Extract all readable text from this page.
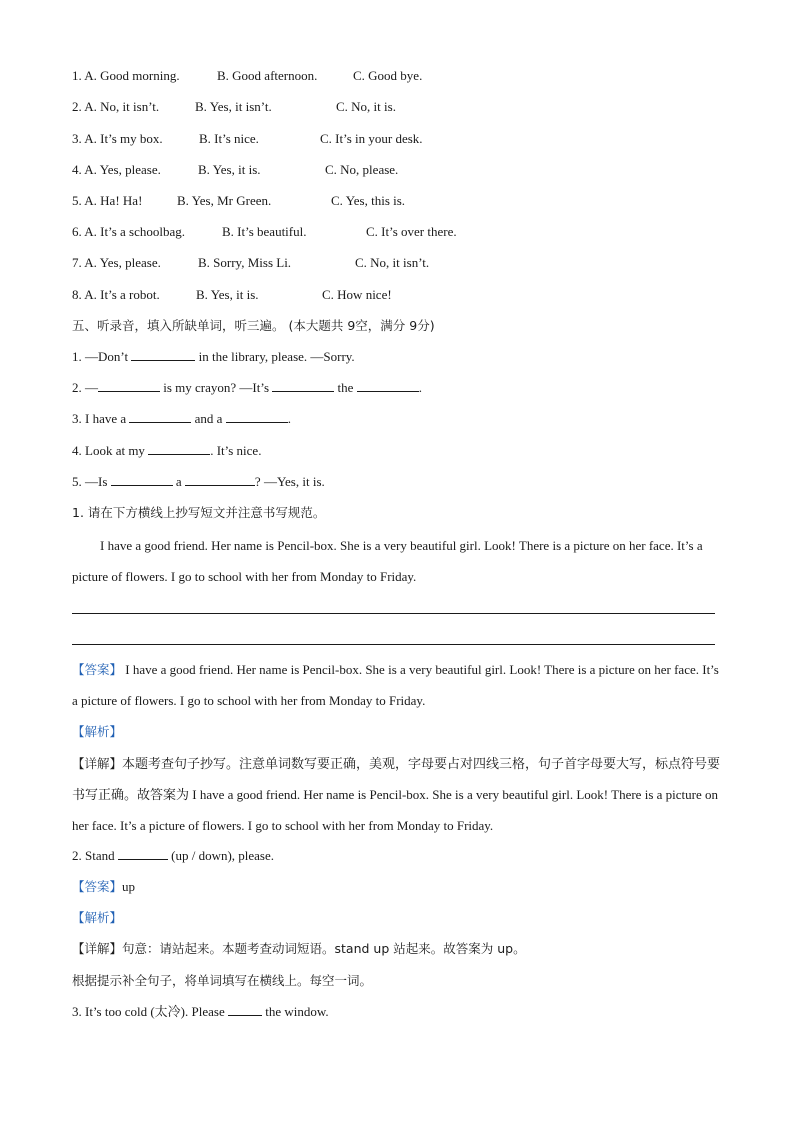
1. A. Good morning.	B. Good afternoon.	C. Good bye.
2. A. No, it isn’t.	B. Yes, it isn’t.	C. No, it is.
3. A. It’s my box.	B. It’s nice.	C. It’s in your desk.
4. A. Yes, please.	B. Yes, it is.	C. No, please.
5. A. Ha! Ha!	B. Yes, Mr Green.	C. Yes, this is.
6. A. It’s a schoolbag.	B. It’s beautiful.	C. It’s over there.
7. A. Yes, please.	B. Sorry, Miss Li.	C. No, it isn’t.
8. A. It’s a robot.	B. Yes, it is.	C. How nice!
五、听录音，填入所缺单词，听三遍。 (本大题共 9空，满分 9分)
1. —Don’t	in the library, please. —Sorry.
2. —	is my crayon? —It’s	the	.
3. I have a	and a	.
4. Look at my	. It’s nice.
5. —Is	a	? —Yes, it is.
1. 请在下方横线上抄写短文并注意书写规范。
I have a good friend. Her name is Pencil-box. She is a very beautiful girl. Look! There is a picture on her face. It’s a picture of flowers. I go to school with her from Monday to Friday.
【答案】 I have a good friend. Her name is Pencil-box. She is a very beautiful girl. Look! There is a picture on her face. It’s a picture of flowers. I go to school with her from Monday to Friday.
【解析】
【详解】本题考查句子抄写。注意单词数写要正确，美观，字母要占对四线三格，句子首字母要大写，标点符号要书写正确。故答案为 I have a good friend. Her name is Pencil-box. She is a very beautiful girl. Look! There is a picture on her face. It’s a picture of flowers. I go to school with her from Monday to Friday.
2. Stand	(up / down), please.
【答案】up
【解析】
【详解】句意：请站起来。本题考查动词短语。stand up 站起来。故答案为 up。
根据提示补全句子，将单词填写在横线上。每空一词。
3. It’s too cold (太冷). Please	the window.
